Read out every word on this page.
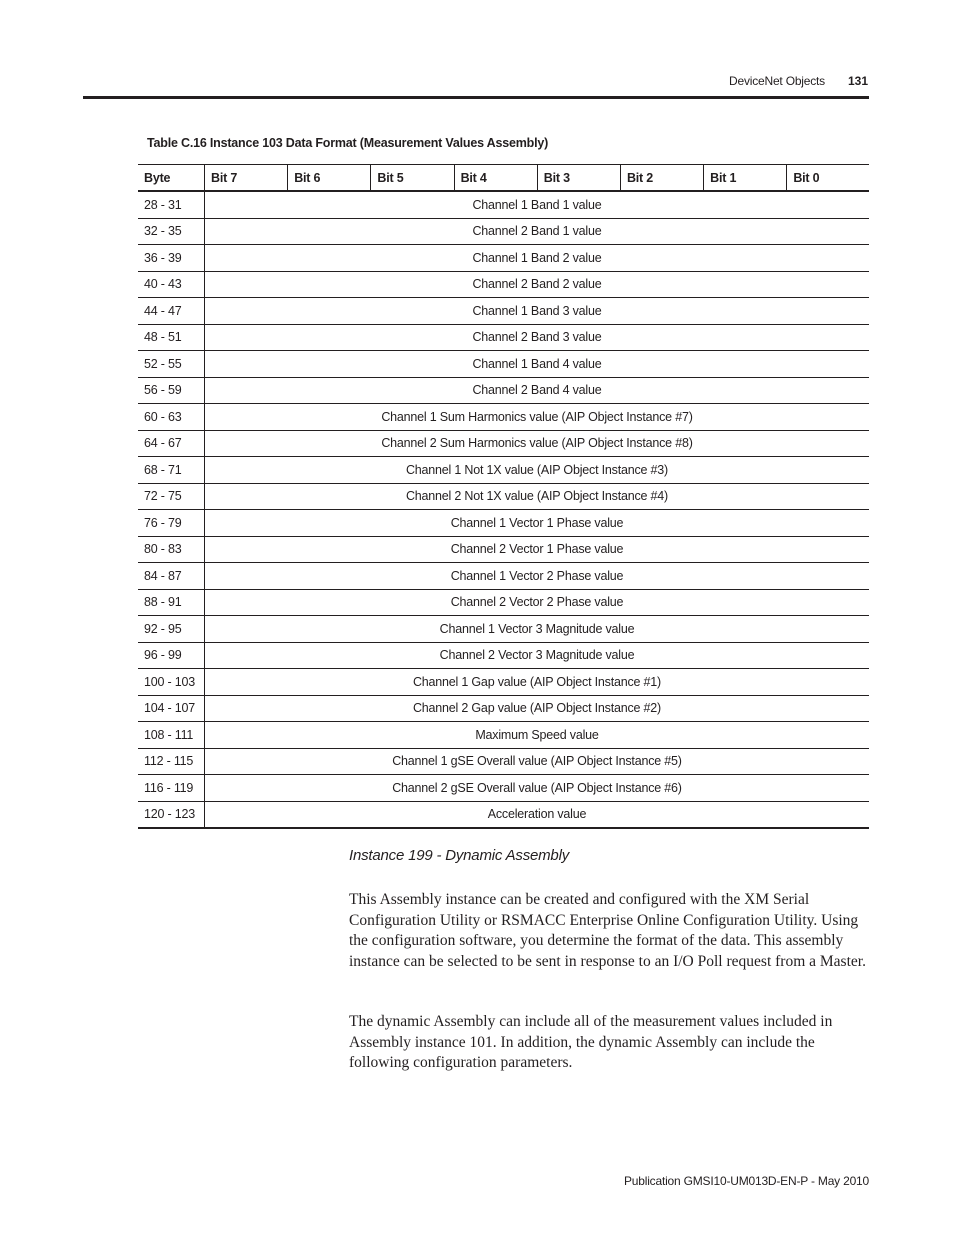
DeviceNet Objects 131
Table C.16 Instance 103 Data Format (Measurement Values Assembly)
Byte	Bit 7	Bit 6	Bit 5	Bit 4	Bit 3	Bit 2	Bit 1	Bit 0
28 - 31	Channel 1 Band 1 value							
32 - 35	Channel 2 Band 1 value							
36 - 39	Channel 1 Band 2 value							
40 - 43	Channel 2 Band 2 value							
44 - 47	Channel 1 Band 3 value							
48 - 51	Channel 2 Band 3 value							
52 - 55	Channel 1 Band 4 value							
56 - 59	Channel 2 Band 4 value							
60 - 63	Channel 1 Sum Harmonics value (AIP Object Instance #7)							
64 - 67	Channel 2 Sum Harmonics value (AIP Object Instance #8)							
68 - 71	Channel 1 Not 1X value (AIP Object Instance #3)							
72 - 75	Channel 2 Not 1X value (AIP Object Instance #4)							
76 - 79	Channel 1 Vector 1 Phase value							
80 - 83	Channel 2 Vector 1 Phase value							
84 - 87	Channel 1 Vector 2 Phase value							
88 - 91	Channel 2 Vector 2 Phase value							
92 - 95	Channel 1 Vector 3 Magnitude value							
96 - 99	Channel 2 Vector 3 Magnitude value							
100 - 103	Channel 1 Gap value (AIP Object Instance #1)							
104 - 107	Channel 2 Gap value (AIP Object Instance #2)							
108 - 111	Maximum Speed value							
112 - 115	Channel 1 gSE Overall value (AIP Object Instance #5)							
116 - 119	Channel 2 gSE Overall value (AIP Object Instance #6)							
120 - 123	Acceleration value							
Instance 199 - Dynamic Assembly
This Assembly instance can be created and configured with the XM Serial Configuration Utility or RSMACC Enterprise Online Configuration Utility. Using the configuration software, you determine the format of the data. This assembly instance can be selected to be sent in response to an I/O Poll request from a Master.
The dynamic Assembly can include all of the measurement values included in Assembly instance 101. In addition, the dynamic Assembly can include the following configuration parameters.
Publication GMSI10-UM013D-EN-P - May 2010
